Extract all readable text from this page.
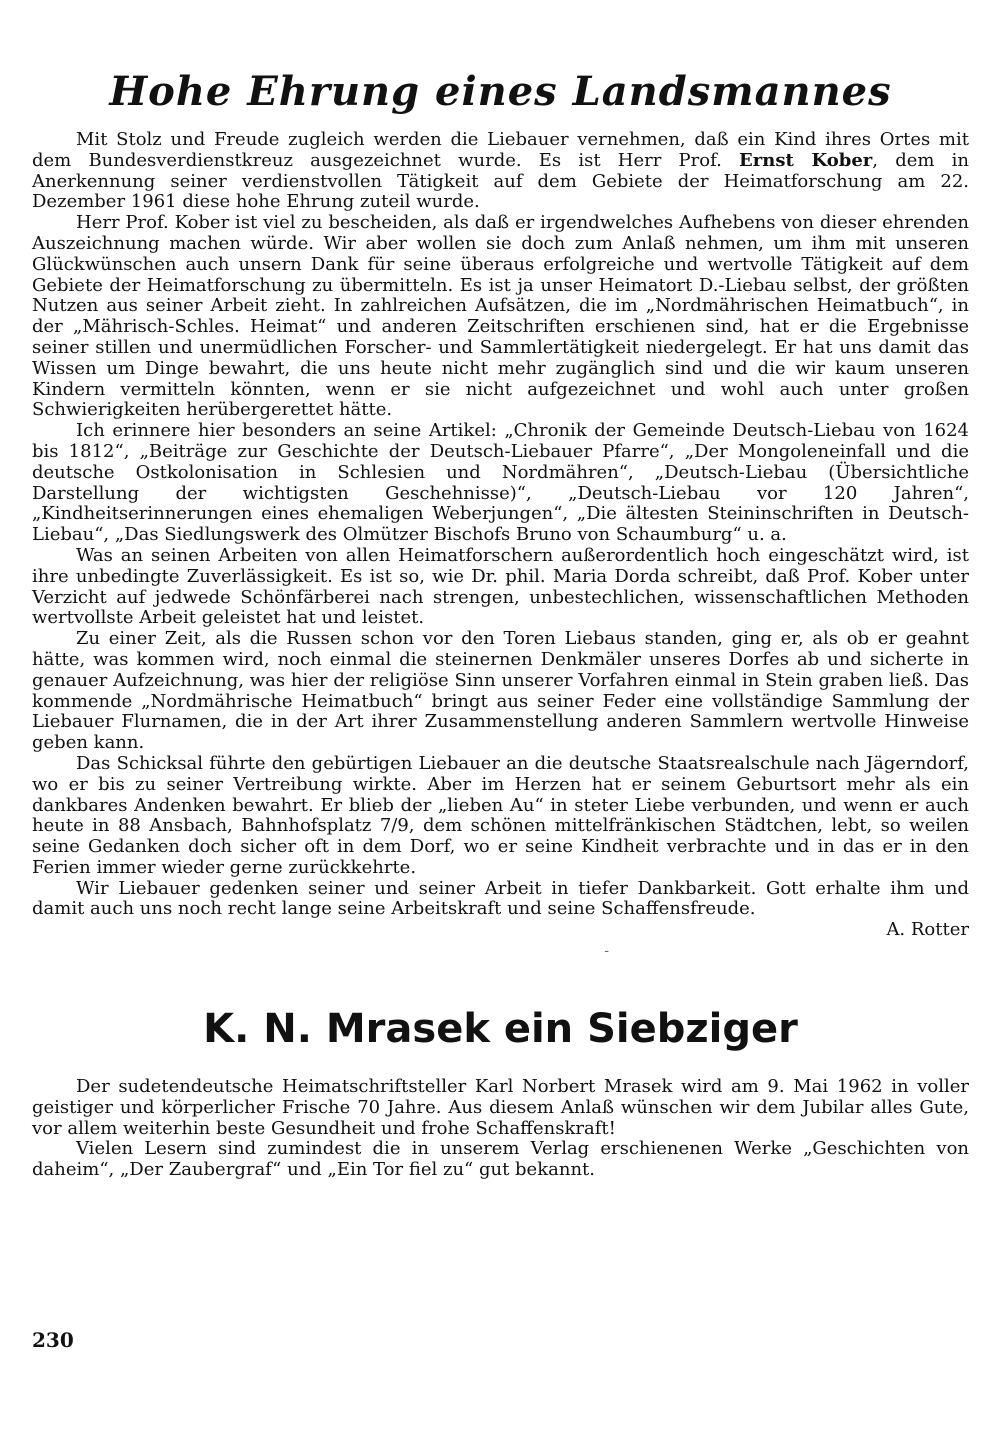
Hohe Ehrung eines Landsmannes

Mit Stolz und Freude zugleich werden die Liebauer vernehmen, daß ein Kind ihres Ortes mit dem Bundesverdienstkreuz ausgezeichnet wurde. Es ist Herr Prof. Ernst Kober, dem in Anerkennung seiner verdienstvollen Tätigkeit auf dem Gebiete der Heimatforschung am 22. Dezember 1961 diese hohe Ehrung zuteil wurde.

Herr Prof. Kober ist viel zu bescheiden, als daß er irgendwelches Aufhebens von dieser ehrenden Auszeichnung machen würde. Wir aber wollen sie doch zum Anlaß nehmen, um ihm mit unseren Glückwünschen auch unsern Dank für seine überaus erfolgreiche und wertvolle Tätigkeit auf dem Gebiete der Heimatforschung zu übermitteln. Es ist ja unser Heimatort D.-Liebau selbst, der größten Nutzen aus seiner Arbeit zieht. In zahlreichen Aufsätzen, die im „Nordmährischen Heimatbuch“, in der „Mährisch-Schles. Heimat“ und anderen Zeitschriften erschienen sind, hat er die Ergebnisse seiner stillen und unermüdlichen Forscher- und Sammlertätigkeit niedergelegt. Er hat uns damit das Wissen um Dinge bewahrt, die uns heute nicht mehr zugänglich sind und die wir kaum unseren Kindern vermitteln könnten, wenn er sie nicht aufgezeichnet und wohl auch unter großen Schwierigkeiten herübergerettet hätte.

Ich erinnere hier besonders an seine Artikel: „Chronik der Gemeinde Deutsch-Liebau von 1624 bis 1812“, „Beiträge zur Geschichte der Deutsch-Liebauer Pfarre“, „Der Mongoleneinfall und die deutsche Ostkolonisation in Schlesien und Nordmähren“, „Deutsch-Liebau (Übersichtliche Darstellung der wichtigsten Geschehnisse)“, „Deutsch-Liebau vor 120 Jahren“, „Kindheitserinnerungen eines ehemaligen Weberjungen“, „Die ältesten Steininschriften in Deutsch-Liebau“, „Das Siedlungswerk des Olmützer Bischofs Bruno von Schaumburg“ u. a.

Was an seinen Arbeiten von allen Heimatforschern außerordentlich hoch eingeschätzt wird, ist ihre unbedingte Zuverlässigkeit. Es ist so, wie Dr. phil. Maria Dorda schreibt, daß Prof. Kober unter Verzicht auf jedwede Schönfärberei nach strengen, unbestechlichen, wissenschaftlichen Methoden wertvollste Arbeit geleistet hat und leistet.

Zu einer Zeit, als die Russen schon vor den Toren Liebaus standen, ging er, als ob er geahnt hätte, was kommen wird, noch einmal die steinernen Denkmäler unseres Dorfes ab und sicherte in genauer Aufzeichnung, was hier der religiöse Sinn unserer Vorfahren einmal in Stein graben ließ. Das kommende „Nordmährische Heimatbuch“ bringt aus seiner Feder eine vollständige Sammlung der Liebauer Flurnamen, die in der Art ihrer Zusammenstellung anderen Sammlern wertvolle Hinweise geben kann.

Das Schicksal führte den gebürtigen Liebauer an die deutsche Staatsrealschule nach Jägerndorf, wo er bis zu seiner Vertreibung wirkte. Aber im Herzen hat er seinem Geburtsort mehr als ein dankbares Andenken bewahrt. Er blieb der „lieben Au“ in steter Liebe verbunden, und wenn er auch heute in 88 Ansbach, Bahnhofsplatz 7/9, dem schönen mittelfränkischen Städtchen, lebt, so weilen seine Gedanken doch sicher oft in dem Dorf, wo er seine Kindheit verbrachte und in das er in den Ferien immer wieder gerne zurückkehrte.

Wir Liebauer gedenken seiner und seiner Arbeit in tiefer Dankbarkeit. Gott erhalte ihm und damit auch uns noch recht lange seine Arbeitskraft und seine Schaffensfreude.

A. Rotter

-
K. N. Mrasek ein Siebziger

Der sudetendeutsche Heimatschriftsteller Karl Norbert Mrasek wird am 9. Mai 1962 in voller geistiger und körperlicher Frische 70 Jahre. Aus diesem Anlaß wünschen wir dem Jubilar alles Gute, vor allem weiterhin beste Gesundheit und frohe Schaffenskraft!

Vielen Lesern sind zumindest die in unserem Verlag erschienenen Werke „Geschichten von daheim“, „Der Zaubergraf“ und „Ein Tor fiel zu“ gut bekannt.

230
